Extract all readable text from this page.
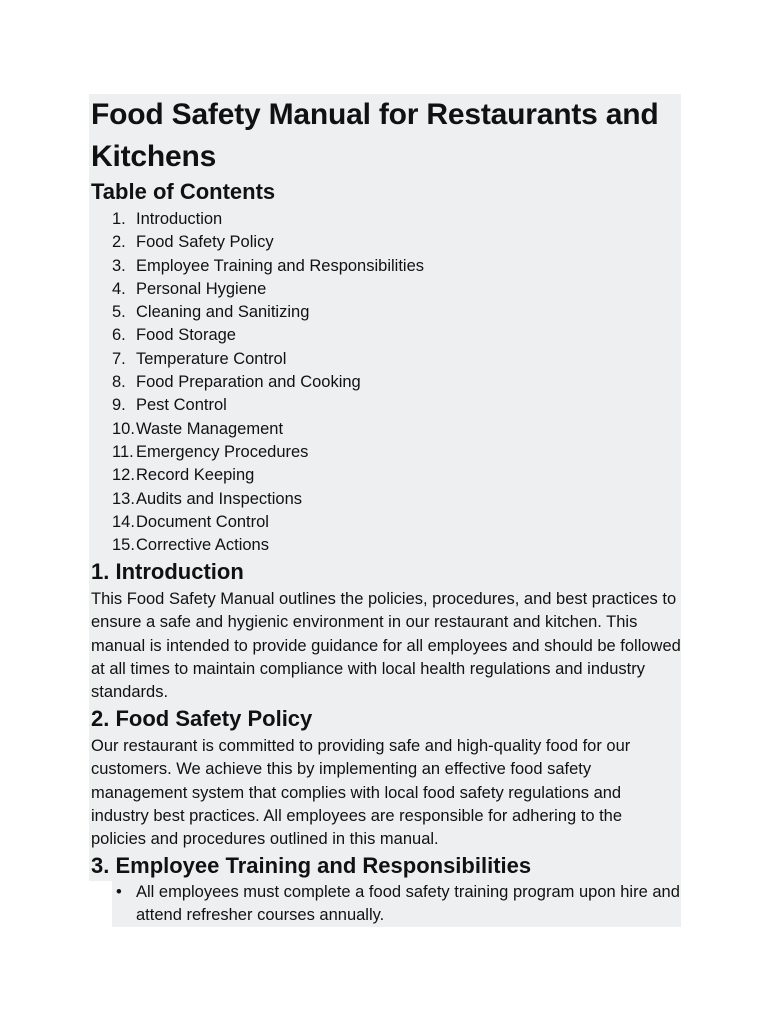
Food Safety Manual for Restaurants and Kitchens
Table of Contents
1. Introduction
2. Food Safety Policy
3. Employee Training and Responsibilities
4. Personal Hygiene
5. Cleaning and Sanitizing
6. Food Storage
7. Temperature Control
8. Food Preparation and Cooking
9. Pest Control
10.Waste Management
11. Emergency Procedures
12.Record Keeping
13.Audits and Inspections
14.Document Control
15.Corrective Actions
1. Introduction

This Food Safety Manual outlines the policies, procedures, and best practices to ensure a safe and hygienic environment in our restaurant and kitchen. This manual is intended to provide guidance for all employees and should be followed at all times to maintain compliance with local health regulations and industry standards.

2. Food Safety Policy

Our restaurant is committed to providing safe and high-quality food for our customers. We achieve this by implementing an effective food safety management system that complies with local food safety regulations and industry best practices. All employees are responsible for adhering to the policies and procedures outlined in this manual.

3. Employee Training and Responsibilities
• All employees must complete a food safety training program upon hire and attend refresher courses annually.
